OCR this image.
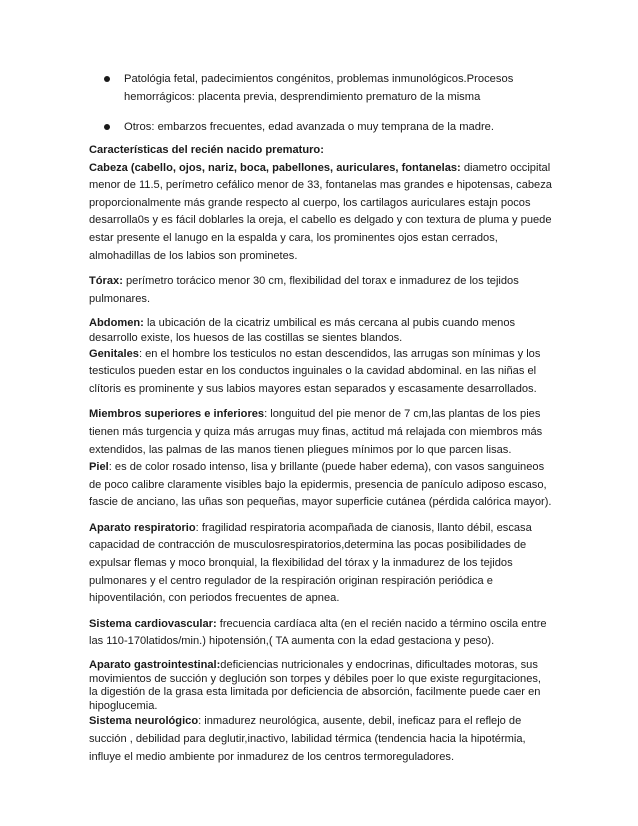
Patológia fetal, padecimientos congénitos, problemas inmunológicos.Procesos hemorrágicos: placenta previa, desprendimiento prematuro de la misma
Otros: embarzos frecuentes, edad avanzada o muy temprana de la madre.

Características del recién nacido prematuro:
Cabeza (cabello, ojos, nariz, boca, pabellones, auriculares, fontanelas: diametro occipital menor de 11.5, perímetro cefálico menor de 33, fontanelas mas grandes e hipotensas, cabeza proporcionalmente más grande respecto al cuerpo, los cartilagos auriculares estajn pocos desarrolla0s y es fácil doblarles la oreja, el cabello es delgado y con textura de pluma y puede estar presente el lanugo en la espalda y cara, los prominentes ojos estan cerrados, almohadillas de los labios son prominetes.

Tórax: perímetro torácico menor 30 cm, flexibilidad del torax e inmadurez de los tejidos pulmonares.

Abdomen: la ubicación de la cicatriz umbilical es más cercana al pubis cuando menos desarrollo existe, los huesos de las costillas se sientes blandos.

Genitales: en el hombre los testiculos no estan descendidos, las arrugas son mínimas y los testiculos pueden estar en los conductos inguinales o la cavidad abdominal. en las niñas el clítoris es prominente y sus labios mayores estan separados y escasamente desarrollados.

Miembros superiores e inferiores: longuitud del pie menor de 7 cm,las plantas de los pies tienen más turgencia y quiza más arrugas muy finas, actitud má relajada con miembros más extendidos, las palmas de las manos tienen pliegues mínimos por lo que parcen lisas.

Piel: es de color rosado intenso, lisa y brillante (puede haber edema), con vasos sanguineos de poco calibre claramente visibles bajo la epidermis, presencia de panículo adiposo escaso, fascie de anciano, las uñas son pequeñas, mayor superficie cutánea (pérdida calórica mayor).

Aparato respiratorio: fragilidad respiratoria acompañada de cianosis, llanto débil, escasa capacidad de contracción de musculosrespiratorios,determina las pocas posibilidades de expulsar flemas y moco bronquial, la flexibilidad del tórax y la inmadurez de los tejidos pulmonares y el centro regulador de la respiración originan respiración periódica e hipoventilación, con periodos frecuentes de apnea.

Sistema cardiovascular: frecuencia cardíaca alta (en el recién nacido a término oscila entre las 110-170latidos/min.) hipotensión,( TA aumenta con la edad gestaciona y peso).

Aparato gastrointestinal:deficiencias nutricionales y endocrinas, dificultades motoras, sus movimientos de succión y deglución son torpes y débiles poer lo que existe regurgitaciones, la digestión de la grasa esta limitada por deficiencia de absorción, facilmente puede caer en hipoglucemia.

Sistema neurológico: inmadurez neurológica, ausente, debil, ineficaz para el reflejo de succión , debilidad para deglutir,inactivo, labilidad térmica (tendencia hacia la hipotérmia, influye el medio ambiente por inmadurez de los centros termoreguladores.
